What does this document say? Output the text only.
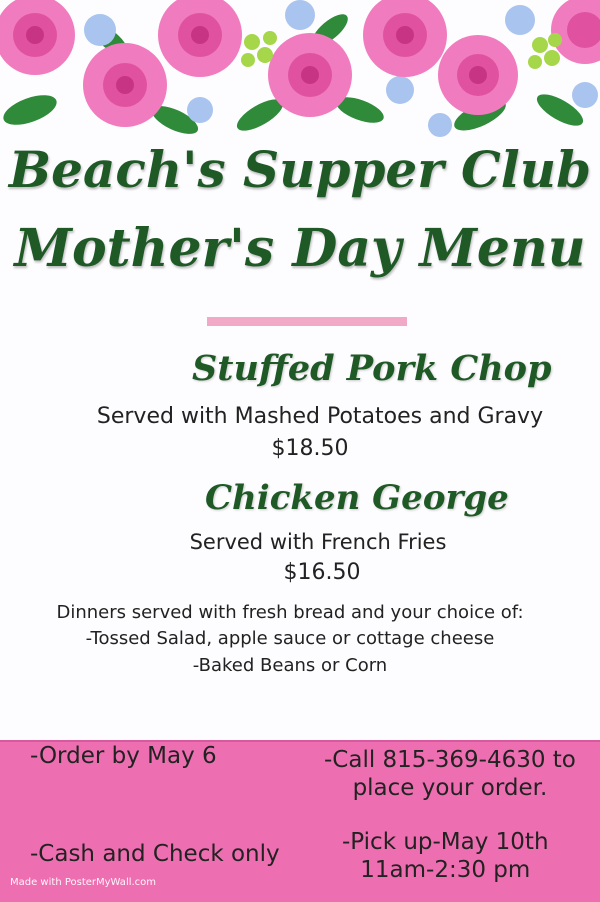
Beach's Supper Club
Mother's Day Menu
Stuffed Pork Chop
Served with Mashed Potatoes and Gravy
$18.50
Chicken George
Served with French Fries
$16.50
Dinners served with fresh bread and your choice of:
-Tossed Salad, apple sauce or cottage cheese
-Baked Beans or Corn
-Order by May 6	-Call 815-369-4630 to
place your order.
-Cash and Check only	-Pick up-May 10th
11am-2:30 pm
Made with PosterMyWall.com
